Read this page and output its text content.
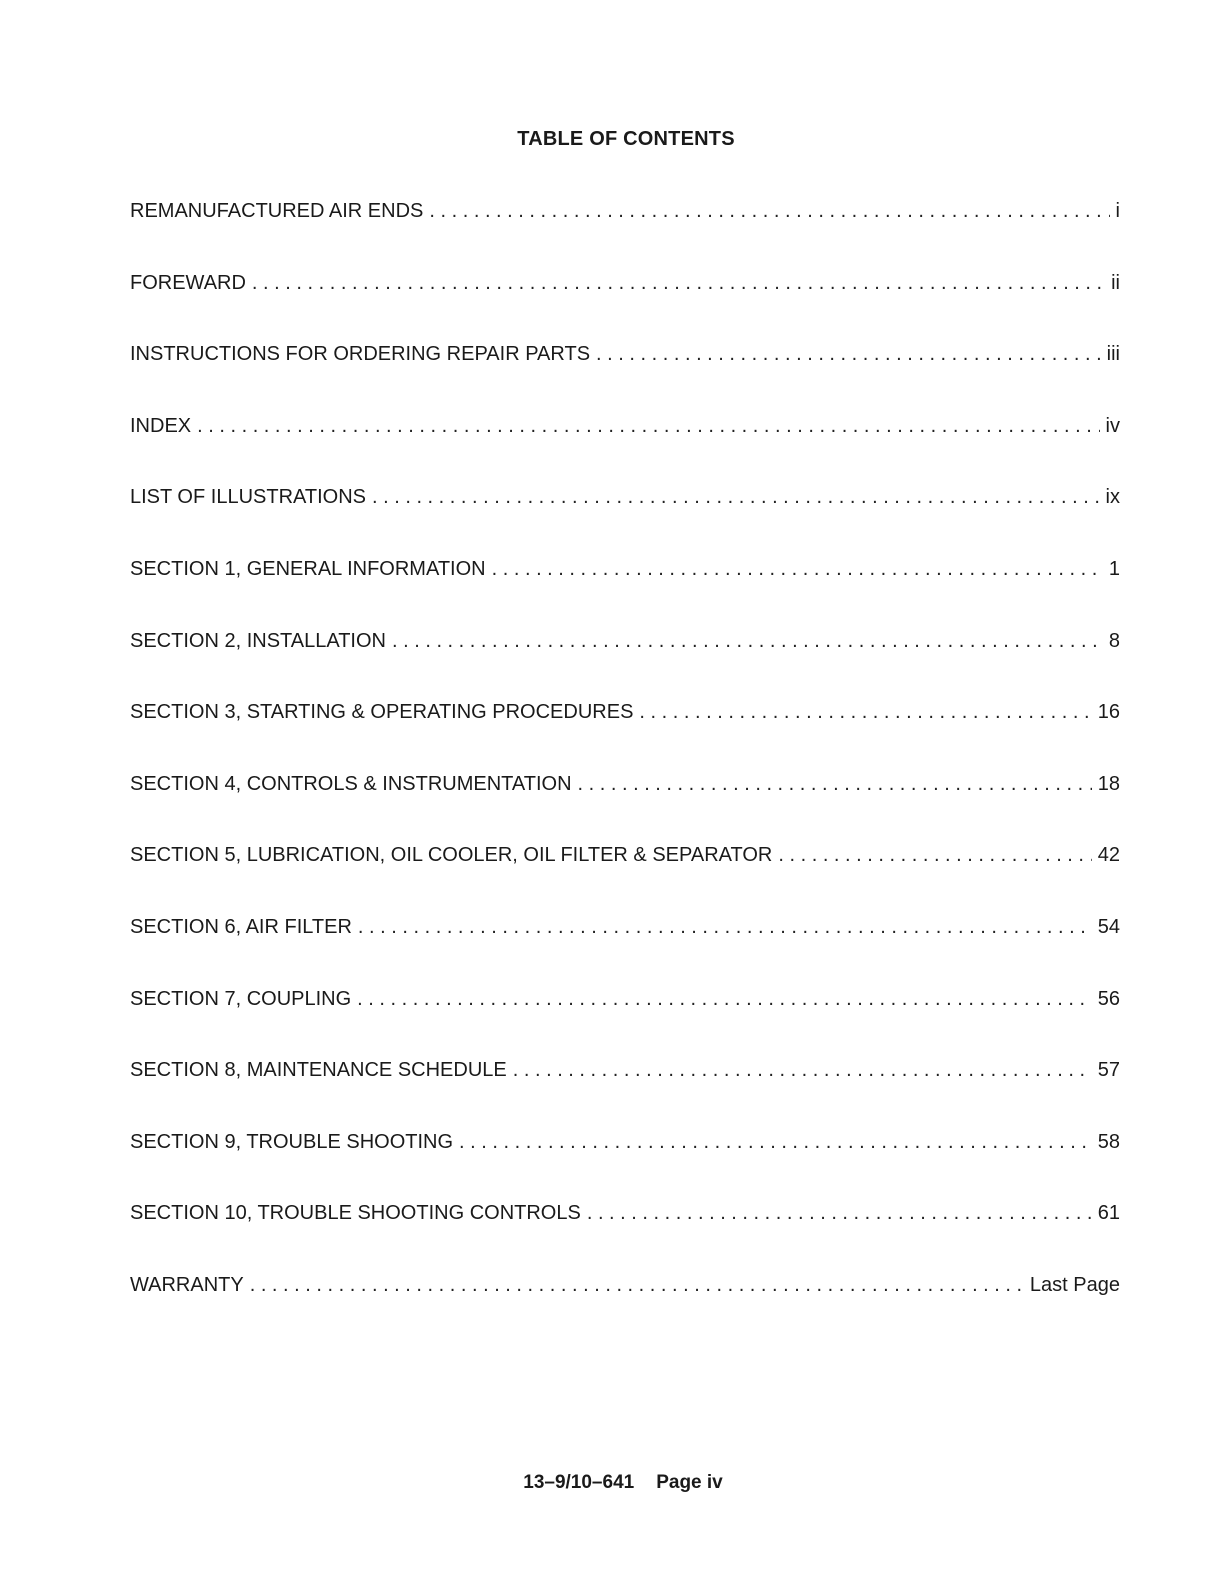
TABLE OF CONTENTS
REMANUFACTURED AIR ENDS . . .	i
FOREWARD . . .	ii
INSTRUCTIONS FOR ORDERING REPAIR PARTS . . .	iii
INDEX . . .	iv
LIST OF ILLUSTRATIONS . . .	ix
SECTION 1, GENERAL INFORMATION . . .	1
SECTION 2, INSTALLATION . . .	8
SECTION 3, STARTING & OPERATING PROCEDURES . . .	16
SECTION 4, CONTROLS & INSTRUMENTATION . . .	18
SECTION 5, LUBRICATION, OIL COOLER, OIL FILTER & SEPARATOR . . .	42
SECTION 6, AIR FILTER . . .	54
SECTION 7, COUPLING . . .	56
SECTION 8, MAINTENANCE SCHEDULE . . .	57
SECTION 9, TROUBLE SHOOTING . . .	58
SECTION 10, TROUBLE SHOOTING CONTROLS . . .	61
WARRANTY . . .	Last Page
13–9/10–641 Page iv
